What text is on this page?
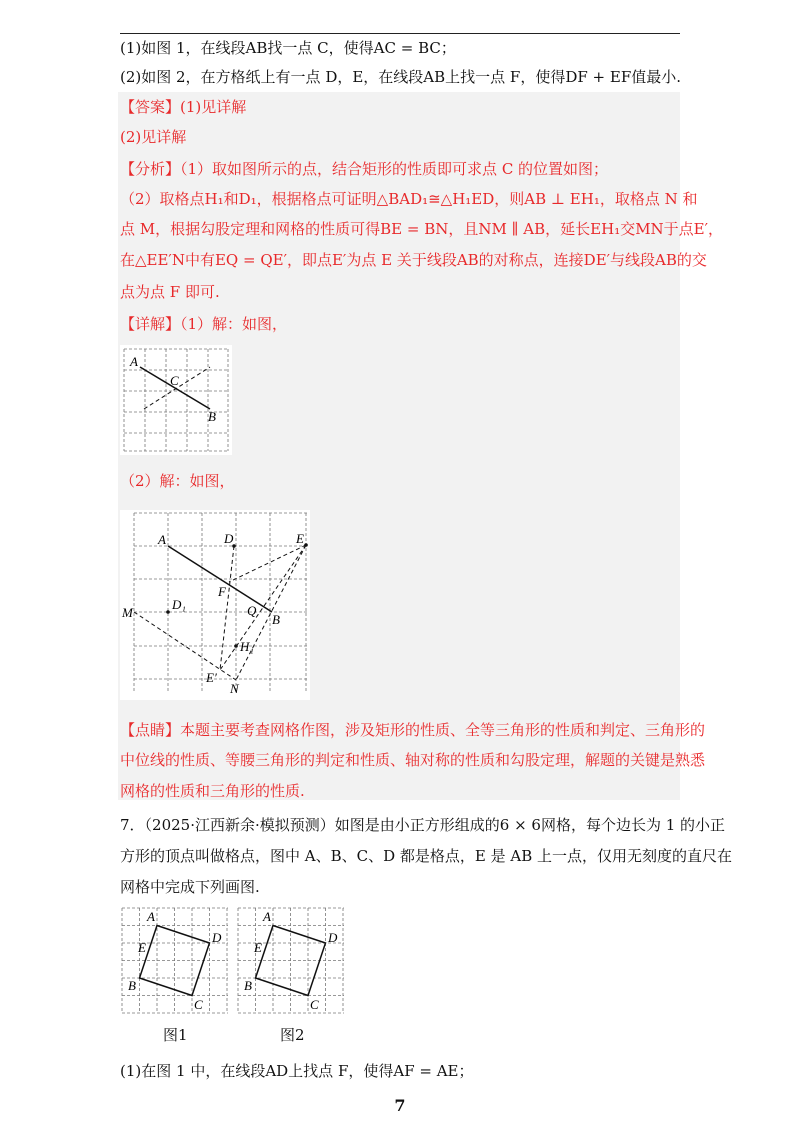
(1)如图 1，在线段AB找一点 C，使得AC = BC；
(2)如图 2，在方格纸上有一点 D，E，在线段AB上找一点 F，使得DF + EF值最小.
【答案】(1)见详解
(2)见详解
【分析】（1）取如图所示的点，结合矩形的性质即可求点 C 的位置如图；
（2）取格点H₁和D₁，根据格点可证明△BAD₁≅△H₁ED，则AB ⊥ EH₁，取格点 N 和
点 M，根据勾股定理和网格的性质可得BE = BN，且NM ∥ AB，延长EH₁交MN于点E′，
在△EE′N中有EQ = QE′，即点E′为点 E 关于线段AB的对称点，连接DE′与线段AB的交
点为点 F 即可.
【详解】（1）解：如图，
A
C
B
（2）解：如图，
A	D	E
F
Q
B
M
D₁
H₁
E′
N
【点睛】本题主要考查网格作图，涉及矩形的性质、全等三角形的性质和判定、三角形的
中位线的性质、等腰三角形的判定和性质、轴对称的性质和勾股定理，解题的关键是熟悉
网格的性质和三角形的性质.
7．（2025·江西新余·模拟预测）如图是由小正方形组成的6 × 6网格，每个边长为 1 的小正
方形的顶点叫做格点，图中 A、B、C、D 都是格点，E 是 AB 上一点，仅用无刻度的直尺在
网格中完成下列画图.
A
D
C
B
E
A
D
C
B
E
图1	图2
(1)在图 1 中，在线段AD上找点 F，使得AF = AE；
7
